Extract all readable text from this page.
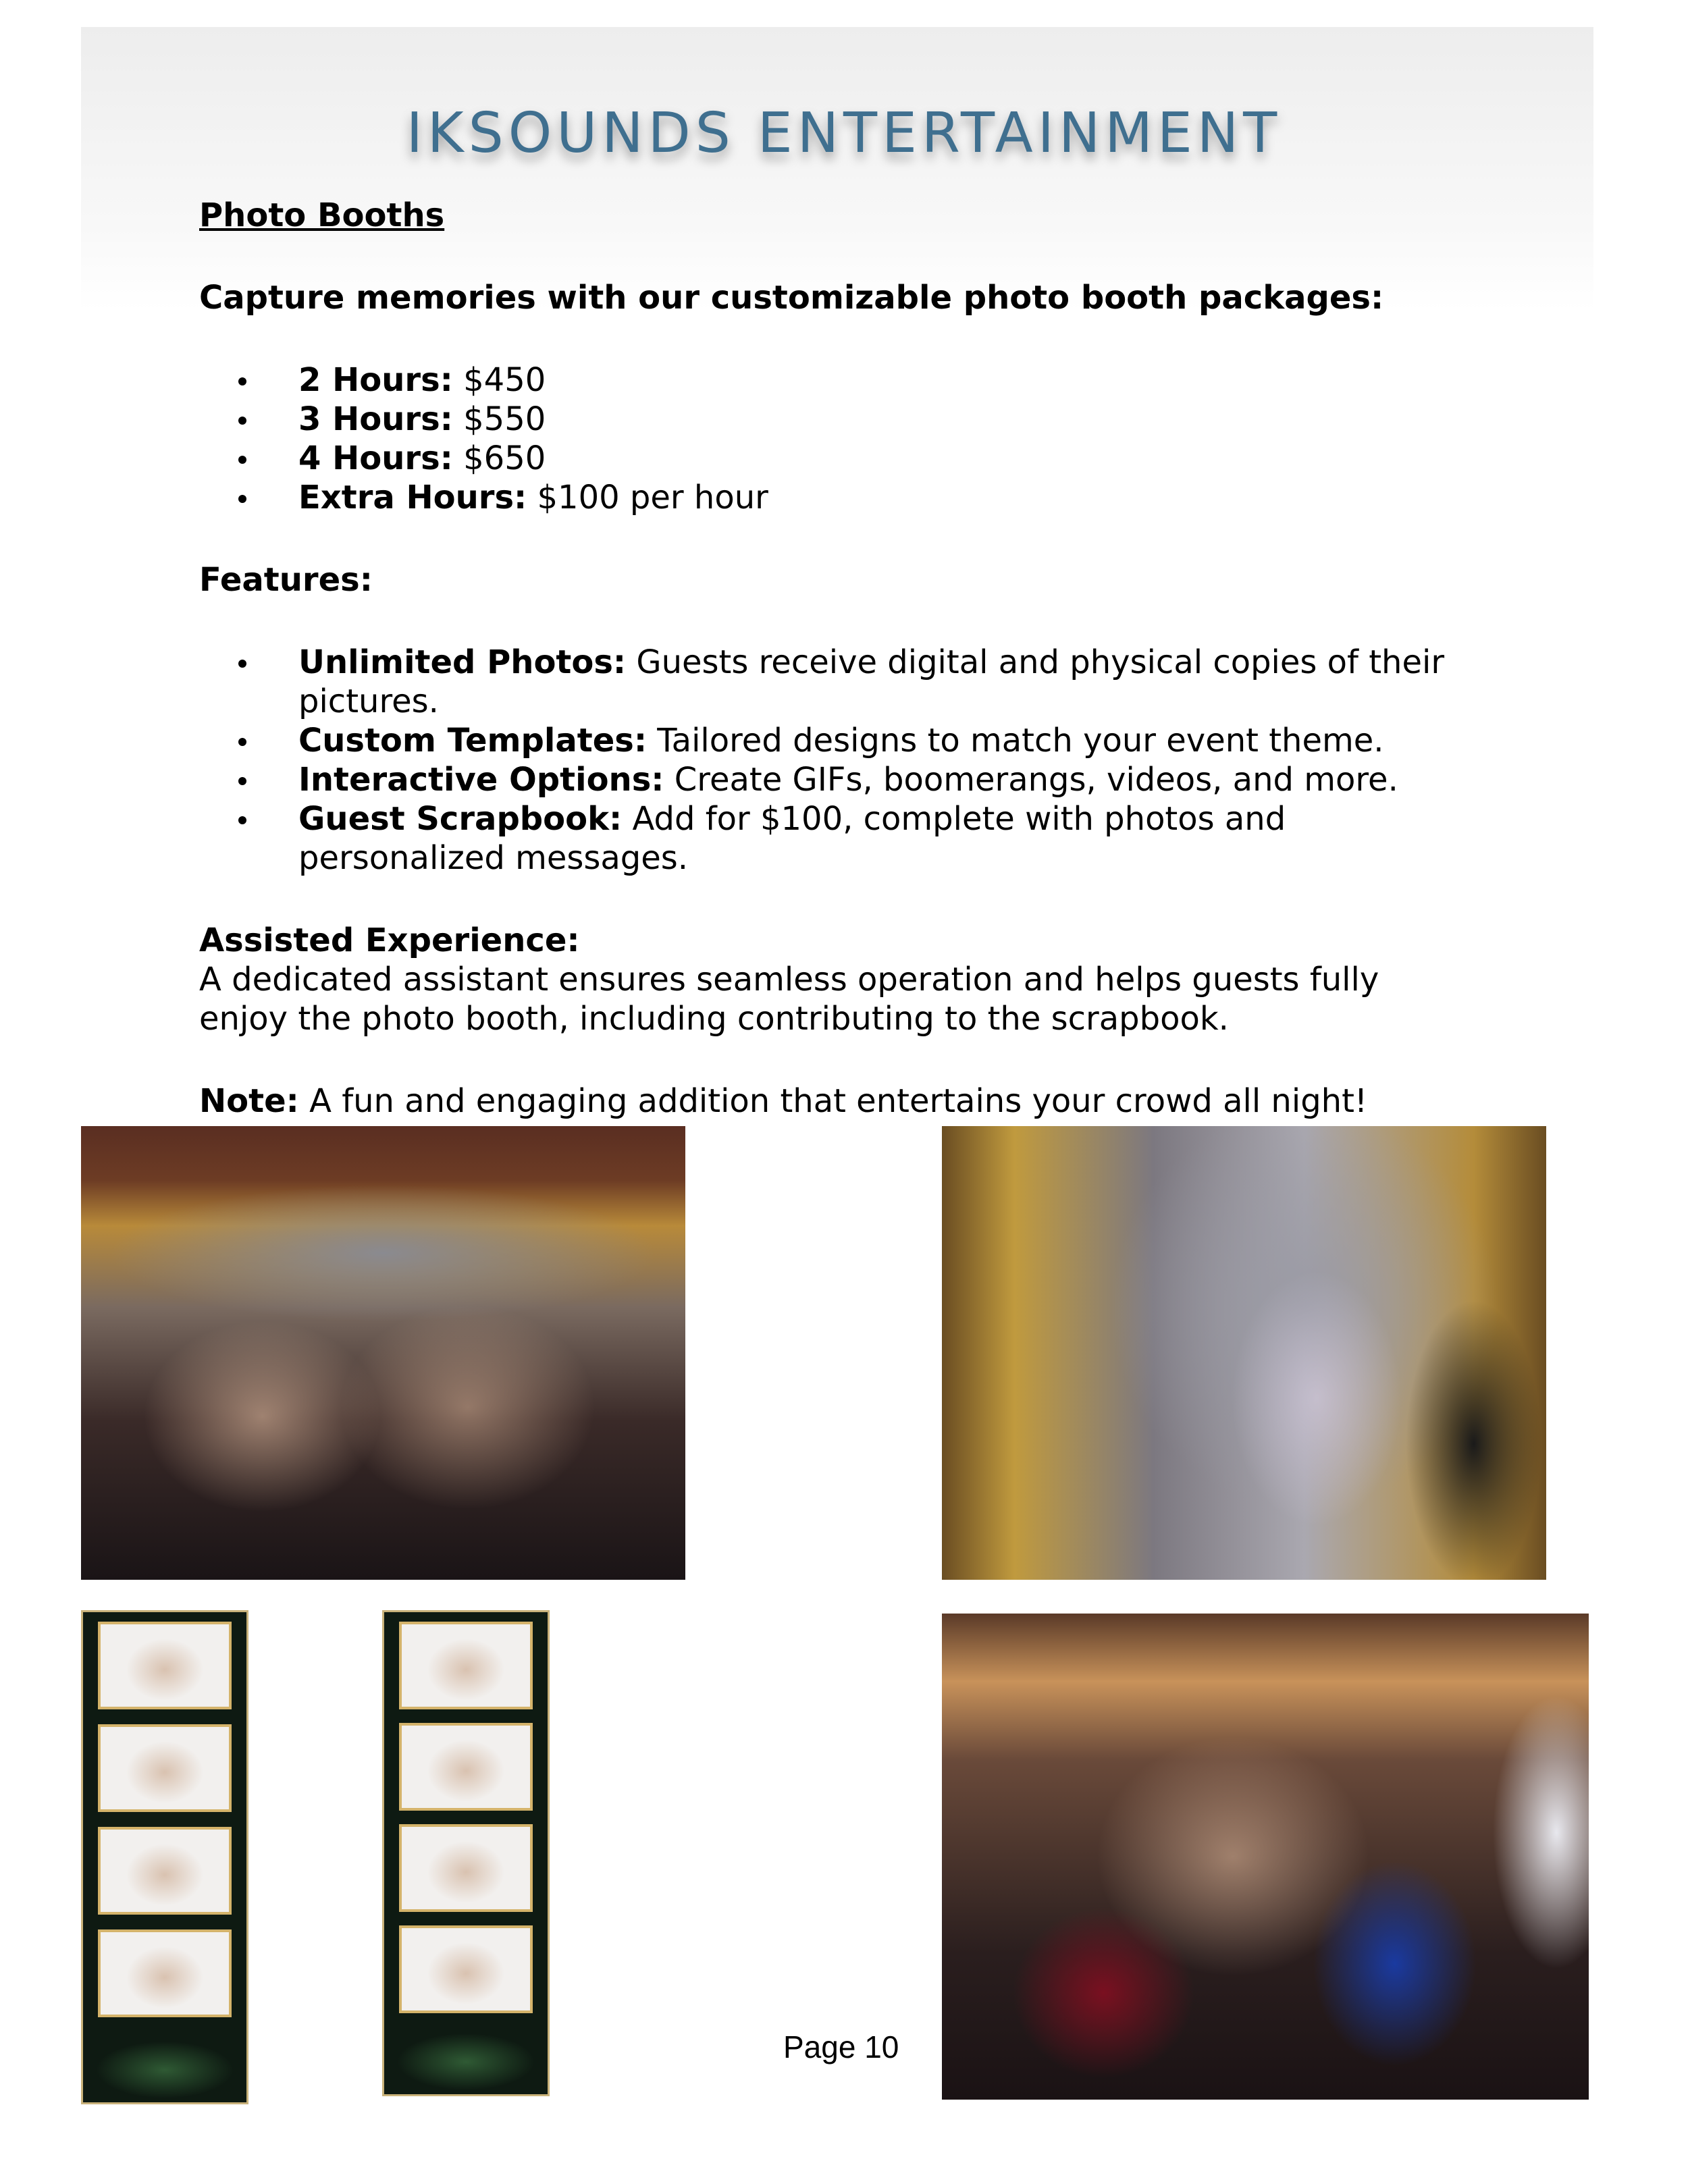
IKSOUNDS ENTERTAINMENT

Photo Booths

Capture memories with our customizable photo booth packages:

2 Hours: $450
3 Hours: $550
4 Hours: $650
Extra Hours: $100 per hour

Features:

Unlimited Photos: Guests receive digital and physical copies of their pictures.
Custom Templates: Tailored designs to match your event theme.
Interactive Options: Create GIFs, boomerangs, videos, and more.
Guest Scrapbook: Add for $100, complete with photos and personalized messages.

Assisted Experience:

A dedicated assistant ensures seamless operation and helps guests fully enjoy the photo booth, including contributing to the scrapbook.

Note: A fun and engaging addition that entertains your crowd all night!

Page 10
